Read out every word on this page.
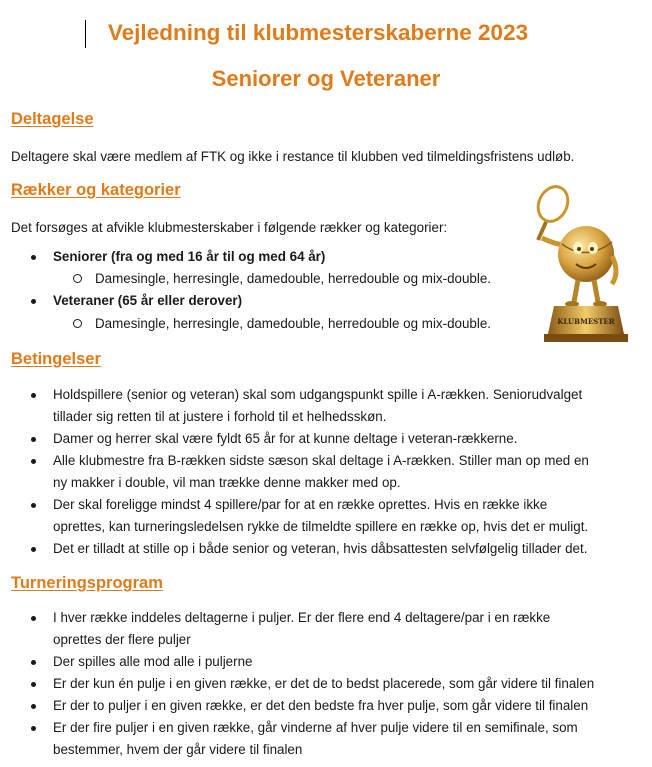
Vejledning til klubmesterskaberne 2023
Seniorer og Veteraner
Deltagelse

Deltagere skal være medlem af FTK og ikke i restance til klubben ved tilmeldingsfristens udløb.

Rækker og kategorier

Det forsøges at afvikle klubmesterskaber i følgende rækker og kategorier:

Seniorer (fra og med 16 år til og med 64 år)
Damesingle, herresingle, damedouble, herredouble og mix-double.
Veteraner (65 år eller derover)
Damesingle, herresingle, damedouble, herredouble og mix-double.	KLUBMESTER
Betingelser
Holdspillere (senior og veteran) skal som udgangspunkt spille i A-rækken. Seniorudvalget
tillader sig retten til at justere i forhold til et helhedsskøn.
Damer og herrer skal være fyldt 65 år for at kunne deltage i veteran-rækkerne.
Alle klubmestre fra B-rækken sidste sæson skal deltage i A-rækken. Stiller man op med en
ny makker i double, vil man trække denne makker med op.
Der skal foreligge mindst 4 spillere/par for at en række oprettes. Hvis en række ikke
oprettes, kan turneringsledelsen rykke de tilmeldte spillere en række op, hvis det er muligt.
Det er tilladt at stille op i både senior og veteran, hvis dåbsattesten selvfølgelig tillader det.
Turneringsprogram
I hver række inddeles deltagerne i puljer. Er der flere end 4 deltagere/par i en række
oprettes der flere puljer
Der spilles alle mod alle i puljerne
Er der kun én pulje i en given række, er det de to bedst placerede, som går videre til finalen
Er der to puljer i en given række, er det den bedste fra hver pulje, som går videre til finalen
Er der fire puljer i en given række, går vinderne af hver pulje videre til en semifinale, som
bestemmer, hvem der går videre til finalen
